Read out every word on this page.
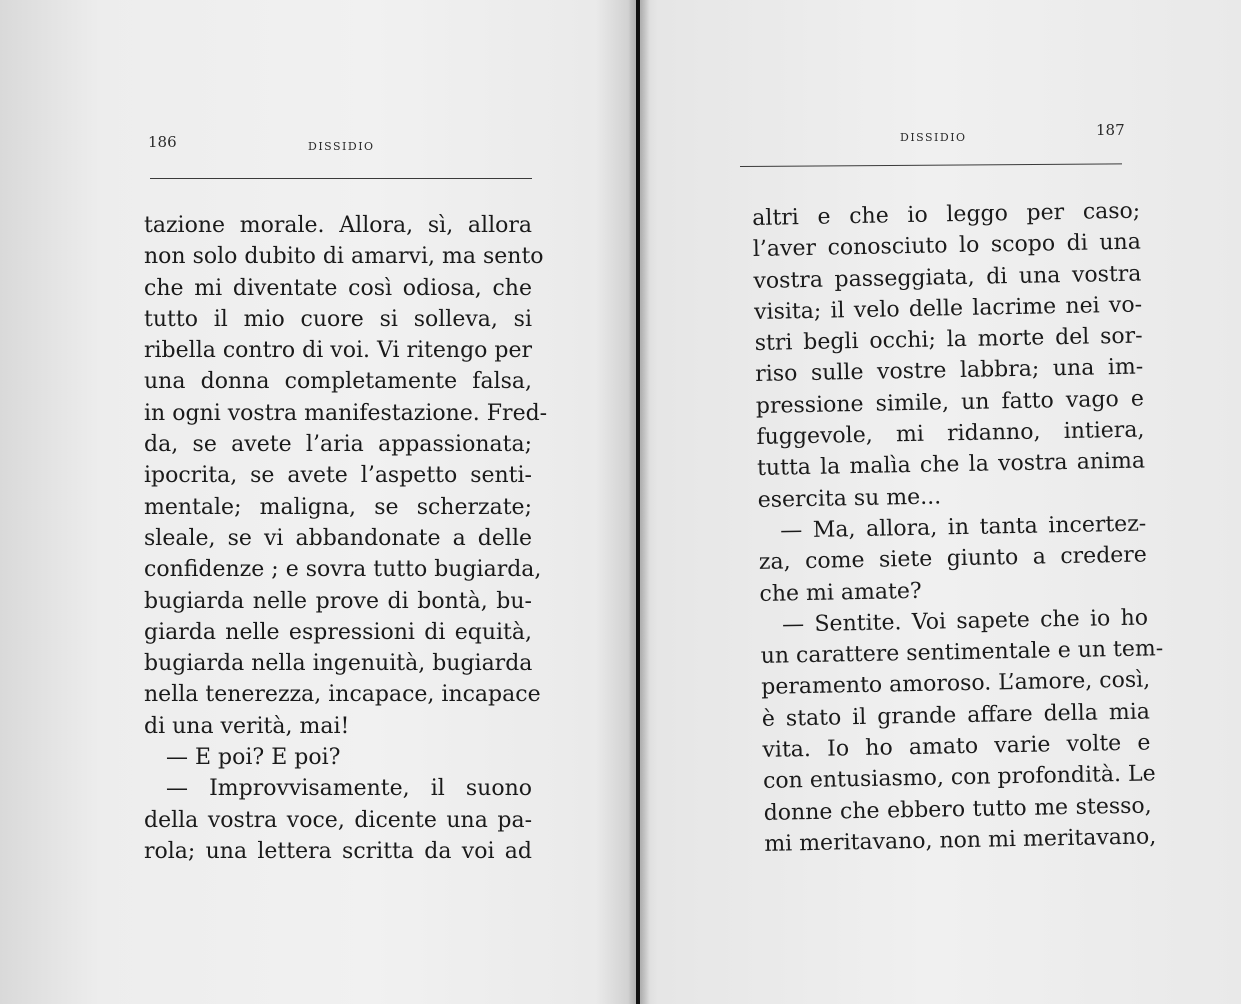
186	DISSIDIO
tazione morale. Allora, sì, allora
non solo dubito di amarvi, ma sento
che mi diventate così odiosa, che
tutto il mio cuore si solleva, si
ribella contro di voi. Vi ritengo per
una donna completamente falsa,
in ogni vostra manifestazione. Fred-
da, se avete l’aria appassionata;
ipocrita, se avete l’aspetto senti-
mentale; maligna, se scherzate;
sleale, se vi abbandonate a delle
confidenze ; e sovra tutto bugiarda,
bugiarda nelle prove di bontà, bu-
giarda nelle espressioni di equità,
bugiarda nella ingenuità, bugiarda
nella tenerezza, incapace, incapace
di una verità, mai!
— E poi? E poi?
— Improvvisamente, il suono
della vostra voce, dicente una pa-
rola; una lettera scritta da voi ad
187
DISSIDIO
altri e che io leggo per caso;
l’aver conosciuto lo scopo di una
vostra passeggiata, di una vostra
visita; il velo delle lacrime nei vo-
stri begli occhi; la morte del sor-
riso sulle vostre labbra; una im-
pressione simile, un fatto vago e
fuggevole, mi ridanno, intiera,
tutta la malìa che la vostra anima
esercita su me...
— Ma, allora, in tanta incertez-
za, come siete giunto a credere
che mi amate?
— Sentite. Voi sapete che io ho
un carattere sentimentale e un tem-
peramento amoroso. L’amore, così,
è stato il grande affare della mia
vita. Io ho amato varie volte e
con entusiasmo, con profondità. Le
donne che ebbero tutto me stesso,
mi meritavano, non mi meritavano,
